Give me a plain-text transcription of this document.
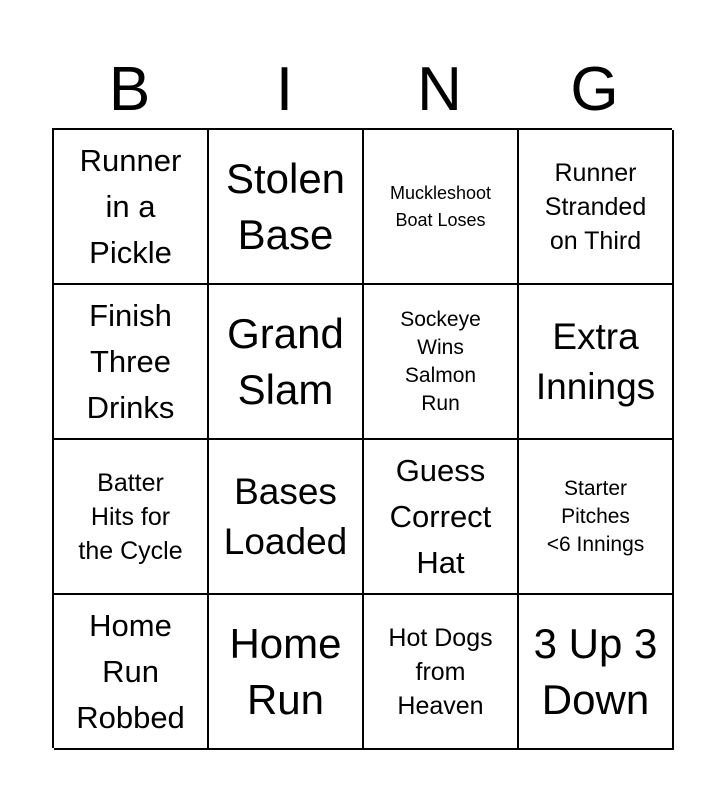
B	I	N	G
Runner
in a
Pickle
Stolen
Base
Muckleshoot
Boat Loses
Runner
Stranded
on Third
Finish
Three
Drinks
Grand
Slam
Sockeye
Wins
Salmon
Run
Extra
Innings
Batter
Hits for
the Cycle
Bases
Loaded
Guess
Correct
Hat
Starter
Pitches
<6 Innings
Home
Run
Robbed
Home
Run
Hot Dogs
from
Heaven
3 Up 3
Down
